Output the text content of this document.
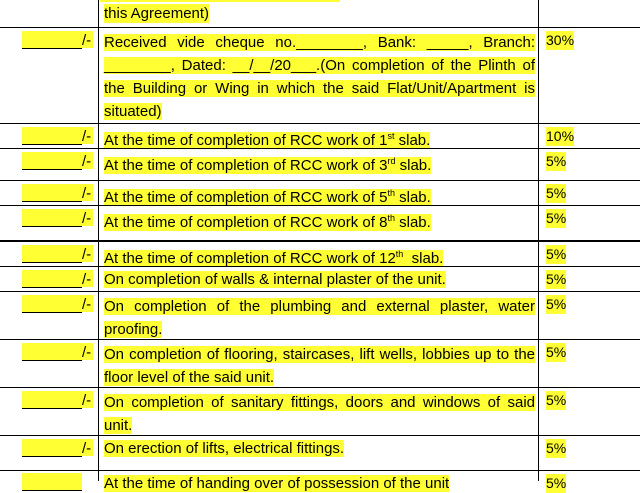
this Agreement)
/- Received vide cheque no.________, Bank: _____, Branch: ________, Dated: __/__/20___.(On completion of the Plinth of the Building or Wing in which the said Flat/Unit/Apartment is situated)
30%
/- At the time of completion of RCC work of 1st slab.	10%
/- At the time of completion of RCC work of 3rd slab.	5%
/- At the time of completion of RCC work of 5th slab.	5%
/- At the time of completion of RCC work of 8th slab.	5%
/- At the time of completion of RCC work of 12th  slab.	5%
/- On completion of walls & internal plaster of the unit.	5%
/- On completion of the plumbing and external plaster, water proofing.
5%
/- On completion of flooring, staircases, lift wells, lobbies up to the floor level of the said unit.
5%
/- On completion of sanitary fittings, doors and windows of said unit.
5%
/- On erection of lifts, electrical fittings.	5%
At the time of handing over of possession of the unit	5%
